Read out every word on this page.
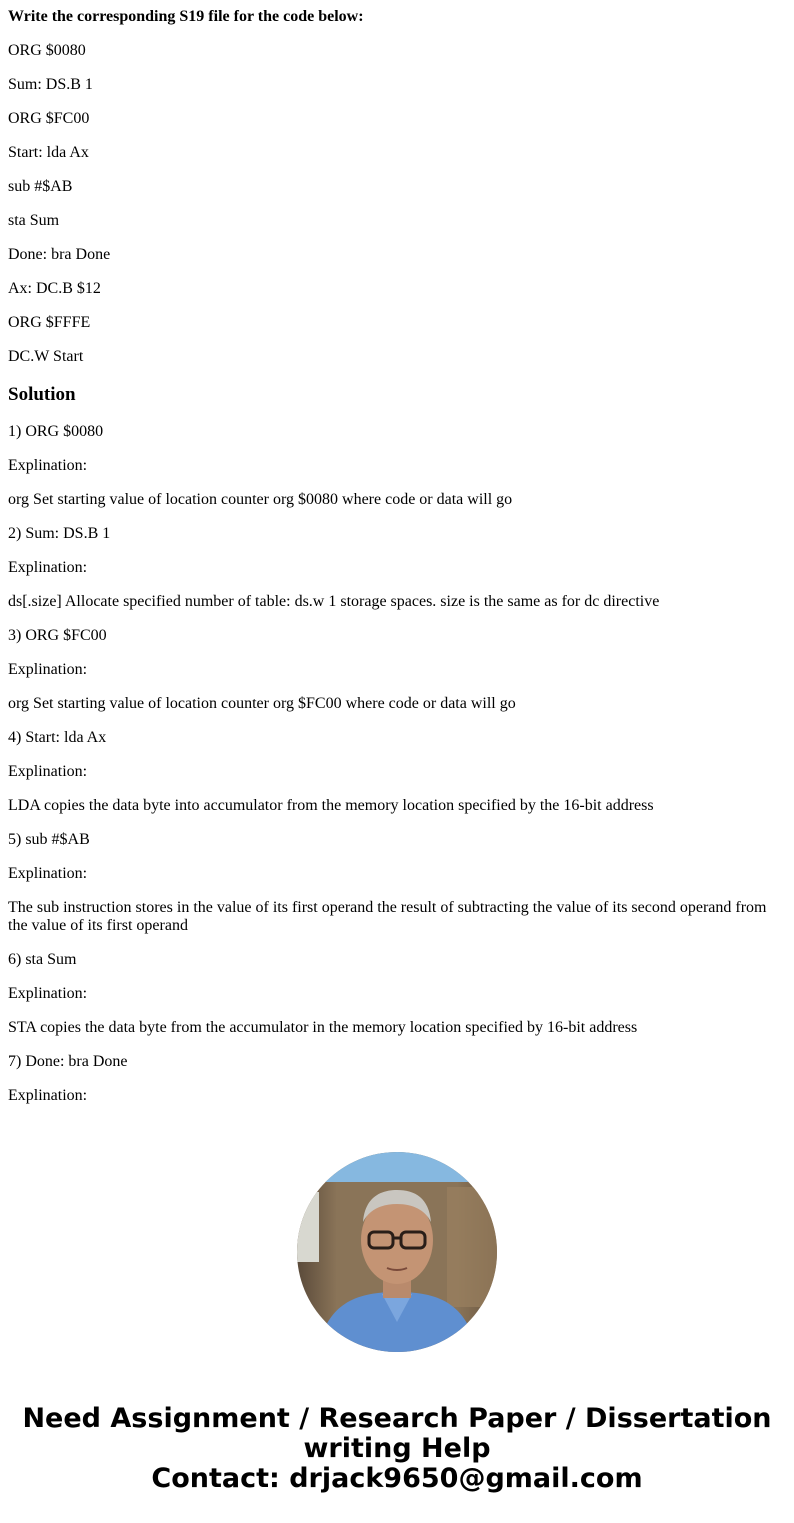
Write the corresponding S19 file for the code below:

ORG $0080

Sum: DS.B 1

ORG $FC00

Start: lda Ax

sub #$AB

sta Sum

Done: bra Done

Ax: DC.B $12

ORG $FFFE

DC.W Start

Solution

1) ORG $0080

Explination:

org Set starting value of location counter org $0080 where code or data will go

2) Sum: DS.B 1

Explination:

ds[.size] Allocate specified number of table: ds.w 1 storage spaces. size is the same as for dc directive

3) ORG $FC00

Explination:

org Set starting value of location counter org $FC00 where code or data will go

4) Start: lda Ax

Explination:

LDA copies the data byte into accumulator from the memory location specified by the 16-bit address

5) sub #$AB

Explination:

The sub instruction stores in the value of its first operand the result of subtracting the value of its second operand from the value of its first operand

6) sta Sum

Explination:

STA copies the data byte from the accumulator in the memory location specified by 16-bit address

7) Done: bra Done

Explination:

Need Assignment / Research Paper / Dissertation
writing Help
Contact: drjack9650@gmail.com
